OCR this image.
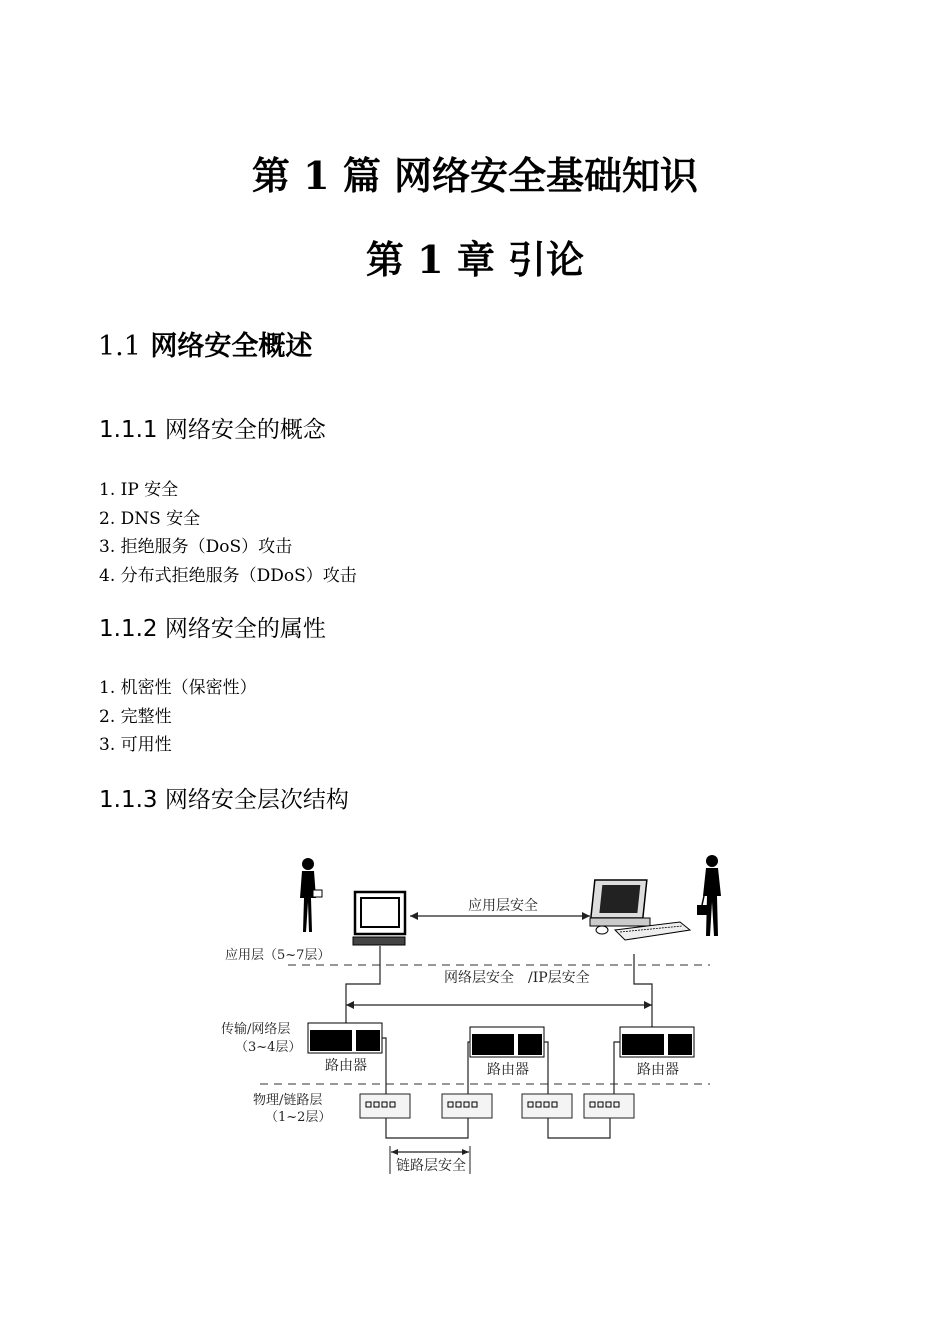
第 1 篇 网络安全基础知识
第 1 章 引论
1.1 网络安全概述
1.1.1 网络安全的概念
1. IP 安全
2. DNS 安全
3. 拒绝服务（DoS）攻击
4. 分布式拒绝服务（DDoS）攻击
1.1.2 网络安全的属性
1. 机密性（保密性）
2. 完整性
3. 可用性
1.1.3 网络安全层次结构
应用层（5~7层）
传输/网络层
（3~4层）
物理/链路层
（1~2层）
应用层安全
网络层安全　/IP层安全
路由器	路由器	路由器
链路层安全
